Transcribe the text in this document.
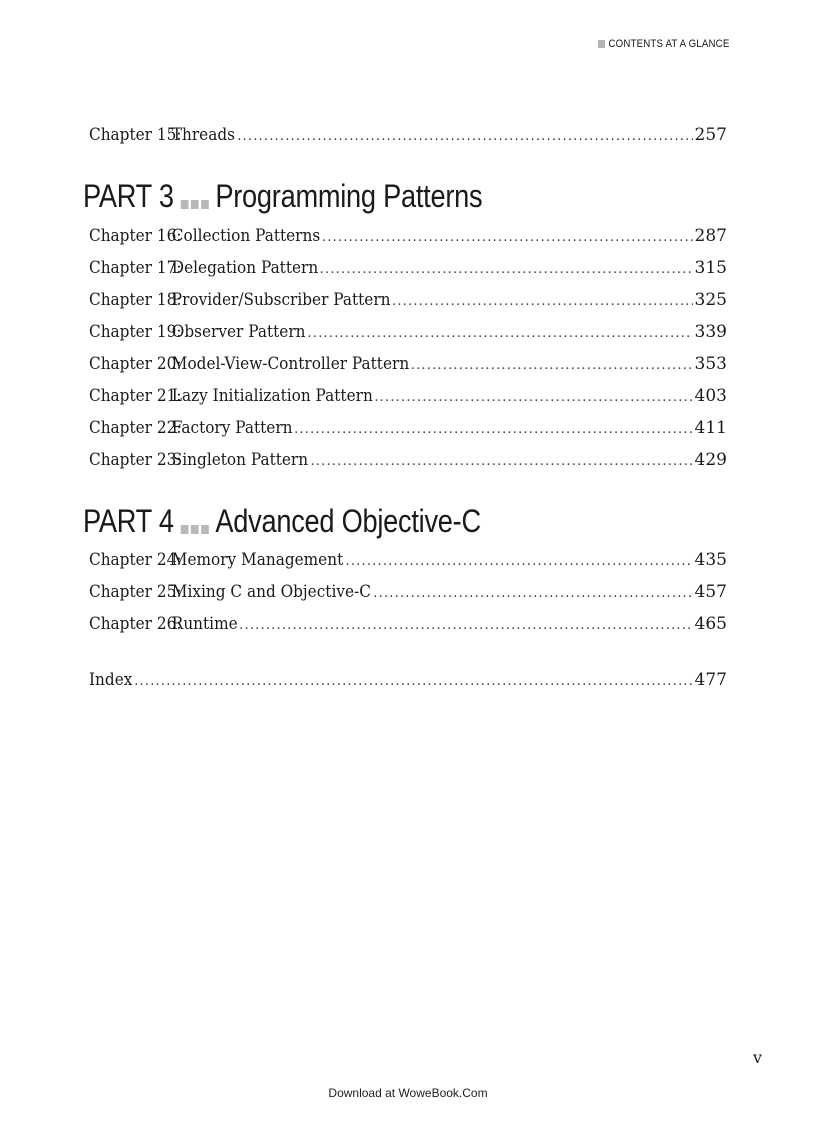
CONTENTS AT A GLANCE
Chapter 15:Threads .....	257
PART 3 Programming Patterns
Chapter 16:Collection Patterns .....	287
Chapter 17:Delegation Pattern .....	315
Chapter 18:Provider/Subscriber Pattern .....	325
Chapter 19:Observer Pattern .....	339
Chapter 20:Model-View-Controller Pattern .....	353
Chapter 21:Lazy Initialization Pattern .....	403
Chapter 22:Factory Pattern .....	411
Chapter 23:Singleton Pattern .....	429
PART 4 Advanced Objective-C
Chapter 24:Memory Management .....	435
Chapter 25:Mixing C and Objective-C .....	457
Chapter 26:Runtime .....	465
Index .....	477
v
Download at WoweBook.Com
